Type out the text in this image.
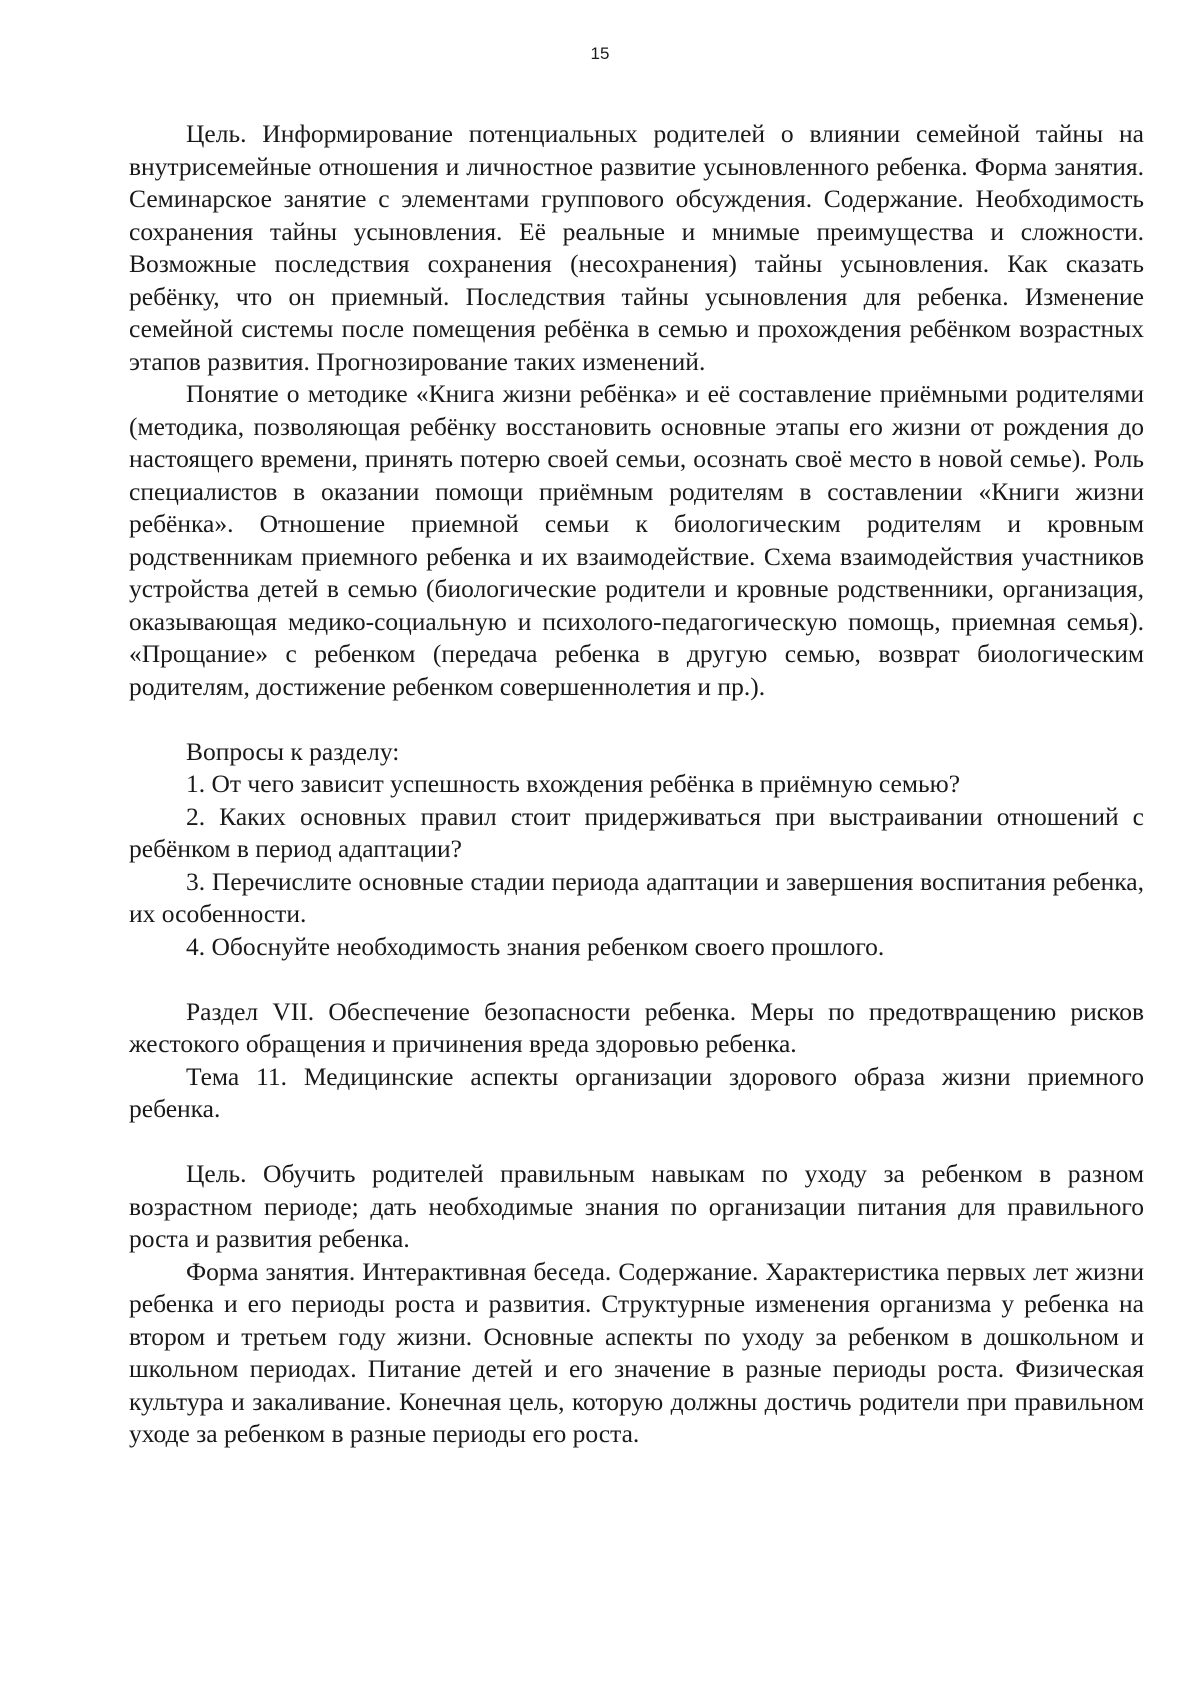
15

Цель. Информирование потенциальных родителей о влиянии семейной тайны на внутрисемейные отношения и личностное развитие усыновленного ребенка. Форма занятия. Семинарское занятие с элементами группового обсуждения. Содержание. Необходимость сохранения тайны усыновления. Её реальные и мнимые преимущества и сложности. Возможные последствия сохранения (несохранения) тайны усыновления. Как сказать ребёнку, что он приемный. Последствия тайны усыновления для ребенка. Изменение семейной системы после помещения ребёнка в семью и прохождения ребёнком возрастных этапов развития. Прогнозирование таких изменений.

Понятие о методике «Книга жизни ребёнка» и её составление приёмными родителями (методика, позволяющая ребёнку восстановить основные этапы его жизни от рождения до настоящего времени, принять потерю своей семьи, осознать своё место в новой семье). Роль специалистов в оказании помощи приёмным родителям в составлении «Книги жизни ребёнка». Отношение приемной семьи к биологическим родителям и кровным родственникам приемного ребенка и их взаимодействие. Схема взаимодействия участников устройства детей в семью (биологические родители и кровные родственники, организация, оказывающая медико-социальную и психолого-педагогическую помощь, приемная семья). «Прощание» с ребенком (передача ребенка в другую семью, возврат биологическим родителям, достижение ребенком совершеннолетия и пр.).

Вопросы к разделу:

1. От чего зависит успешность вхождения ребёнка в приёмную семью?

2. Каких основных правил стоит придерживаться при выстраивании отношений с ребёнком в период адаптации?

3. Перечислите основные стадии периода адаптации и завершения воспитания ребенка, их особенности.

4. Обоснуйте необходимость знания ребенком своего прошлого.

Раздел VII. Обеспечение безопасности ребенка. Меры по предотвращению рисков жестокого обращения и причинения вреда здоровью ребенка.

Тема 11. Медицинские аспекты организации здорового образа жизни приемного ребенка.

Цель. Обучить родителей правильным навыкам по уходу за ребенком в разном возрастном периоде; дать необходимые знания по организации питания для правильного роста и развития ребенка.

Форма занятия. Интерактивная беседа. Содержание. Характеристика первых лет жизни ребенка и его периоды роста и развития. Структурные изменения организма у ребенка на втором и третьем году жизни. Основные аспекты по уходу за ребенком в дошкольном и школьном периодах. Питание детей и его значение в разные периоды роста. Физическая культура и закаливание. Конечная цель, которую должны достичь родители при правильном уходе за ребенком в разные периоды его роста.
